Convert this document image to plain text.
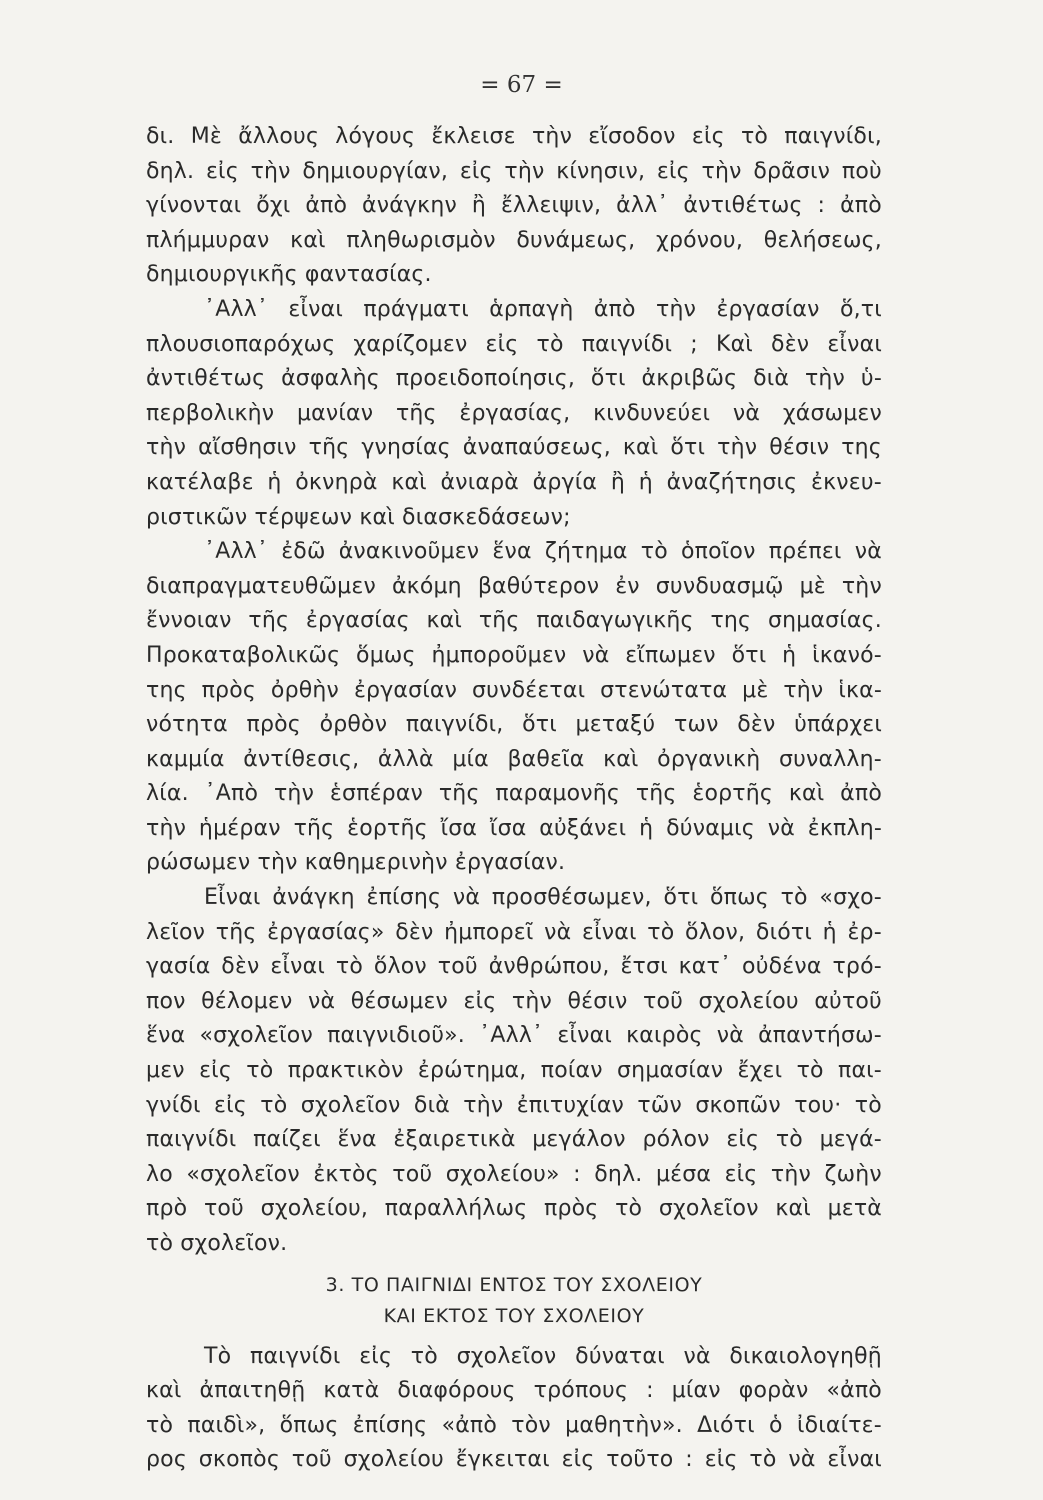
= 67 =
δι. Μὲ ἄλλους λόγους ἔκλεισε τὴν εἴσοδον εἰς τὸ παιγνίδι,
δηλ. εἰς τὴν δημιουργίαν, εἰς τὴν κίνησιν, εἰς τὴν δρᾶσιν ποὺ
γίνονται ὄχι ἀπὸ ἀνάγκην ἢ ἔλλειψιν, ἀλλ᾽ ἀντιθέτως : ἀπὸ
πλήμμυραν καὶ πληθωρισμὸν δυνάμεως, χρόνου, θελήσεως,
δημιουργικῆς φαντασίας.
᾿Αλλ᾽ εἶναι πράγματι ἁρπαγὴ ἀπὸ τὴν ἐργασίαν ὅ,τι
πλουσιοπαρόχως χαρίζομεν εἰς τὸ παιγνίδι ; Καὶ δὲν εἶναι
ἀντιθέτως ἀσφαλὴς προειδοποίησις, ὅτι ἀκριβῶς διὰ τὴν ὑ-
περβολικὴν μανίαν τῆς ἐργασίας, κινδυνεύει νὰ χάσωμεν
τὴν αἴσθησιν τῆς γνησίας ἀναπαύσεως, καὶ ὅτι τὴν θέσιν της
κατέλαβε ἡ ὀκνηρὰ καὶ ἀνιαρὰ ἀργία ἢ ἡ ἀναζήτησις ἐκνευ-
ριστικῶν τέρψεων καὶ διασκεδάσεων;
᾿Αλλ᾽ ἐδῶ ἀνακινοῦμεν ἕνα ζήτημα τὸ ὁποῖον πρέπει νὰ
διαπραγματευθῶμεν ἀκόμη βαθύτερον ἐν συνδυασμῷ μὲ τὴν
ἔννοιαν τῆς ἐργασίας καὶ τῆς παιδαγωγικῆς της σημασίας.
Προκαταβολικῶς ὅμως ἠμποροῦμεν νὰ εἴπωμεν ὅτι ἡ ἱκανό-
της πρὸς ὀρθὴν ἐργασίαν συνδέεται στενώτατα μὲ τὴν ἱκα-
νότητα πρὸς ὀρθὸν παιγνίδι, ὅτι μεταξύ των δὲν ὑπάρχει
καμμία ἀντίθεσις, ἀλλὰ μία βαθεῖα καὶ ὀργανικὴ συναλλη-
λία. ᾿Απὸ τὴν ἑσπέραν τῆς παραμονῆς τῆς ἑορτῆς καὶ ἀπὸ
τὴν ἡμέραν τῆς ἑορτῆς ἴσα ἴσα αὐξάνει ἡ δύναμις νὰ ἐκπλη-
ρώσωμεν τὴν καθημερινὴν ἐργασίαν.
Εἶναι ἀνάγκη ἐπίσης νὰ προσθέσωμεν, ὅτι ὅπως τὸ «σχο-
λεῖον τῆς ἐργασίας» δὲν ἠμπορεῖ νὰ εἶναι τὸ ὅλον, διότι ἡ ἐρ-
γασία δὲν εἶναι τὸ ὅλον τοῦ ἀνθρώπου, ἔτσι κατ᾽ οὐδένα τρό-
πον θέλομεν νὰ θέσωμεν εἰς τὴν θέσιν τοῦ σχολείου αὐτοῦ
ἕνα «σχολεῖον παιγνιδιοῦ». ᾿Αλλ᾽ εἶναι καιρὸς νὰ ἀπαντήσω-
μεν εἰς τὸ πρακτικὸν ἐρώτημα, ποίαν σημασίαν ἔχει τὸ παι-
γνίδι εἰς τὸ σχολεῖον διὰ τὴν ἐπιτυχίαν τῶν σκοπῶν του· τὸ
παιγνίδι παίζει ἕνα ἐξαιρετικὰ μεγάλον ρόλον εἰς τὸ μεγά-
λο «σχολεῖον ἐκτὸς τοῦ σχολείου» : δηλ. μέσα εἰς τὴν ζωὴν
πρὸ τοῦ σχολείου, παραλλήλως πρὸς τὸ σχολεῖον καὶ μετὰ
τὸ σχολεῖον.
3. ΤΟ ΠΑΙΓΝΙΔΙ ΕΝΤΟΣ ΤΟΥ ΣΧΟΛΕΙΟΥ
ΚΑΙ ΕΚΤΟΣ ΤΟΥ ΣΧΟΛΕΙΟΥ
Τὸ παιγνίδι εἰς τὸ σχολεῖον δύναται νὰ δικαιολογηθῇ
καὶ ἀπαιτηθῇ κατὰ διαφόρους τρόπους : μίαν φορὰν «ἀπὸ
τὸ παιδὶ», ὅπως ἐπίσης «ἀπὸ τὸν μαθητὴν». Διότι ὁ ἰδιαίτε-
ρος σκοπὸς τοῦ σχολείου ἔγκειται εἰς τοῦτο : εἰς τὸ νὰ εἶναι
